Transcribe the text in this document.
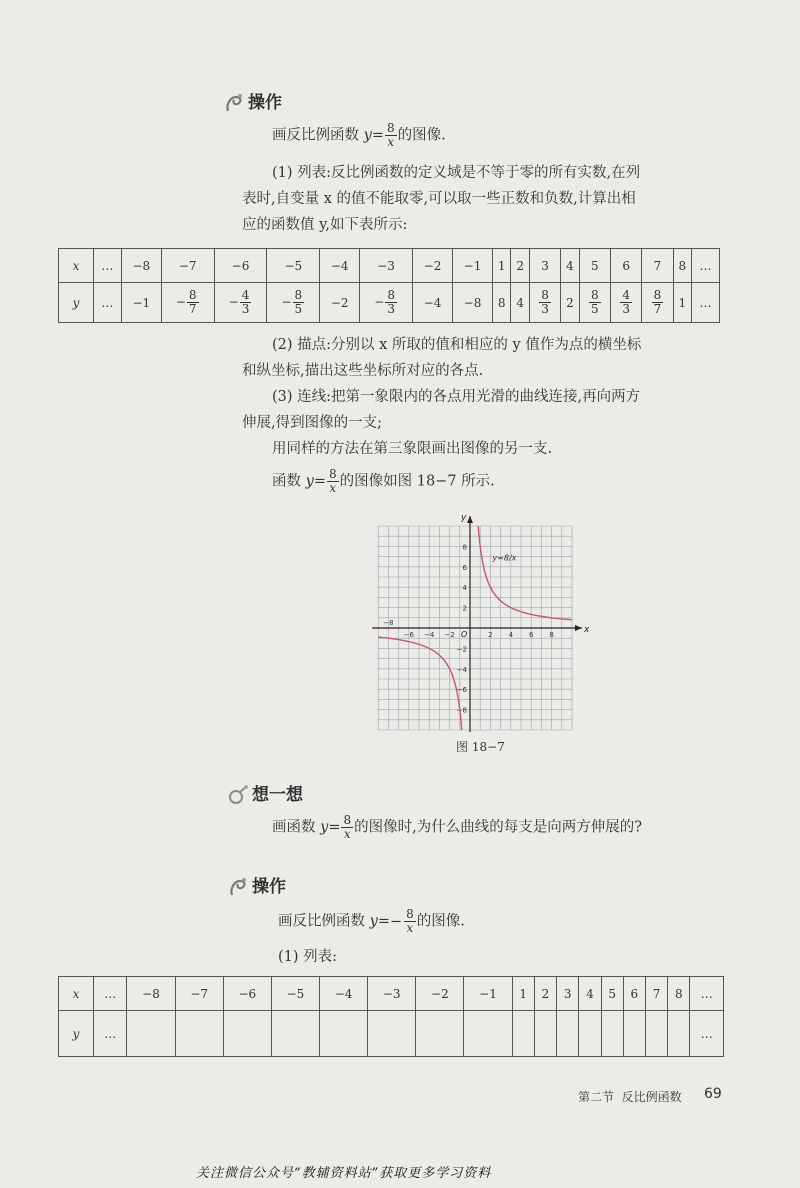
操作
画反比例函数 $y= \frac{8}{x}$ 的图像.
(1) 列表:反比例函数的定义域是不等于零的所有实数,在列
表时,自变量 x 的值不能取零,可以取一些正数和负数,计算出相
应的函数值 y,如下表所示:
x	…	−8	−7	−6	−5	−4	−3	−2	−1	1	2	3	4	5	6	7	8	…
y	…	−1	− $\frac{8}{7}$	− $\frac{4}{3}$	− $\frac{8}{5}$	−2	− $\frac{8}{3}$	−4	−8	8	4	$\frac{8}{3}$	2	$\frac{8}{5}$	$\frac{4}{3}$	$\frac{8}{7}$	1	…
(2) 描点:分别以 x 所取的值和相应的 y 值作为点的横坐标
和纵坐标,描出这些坐标所对应的各点.
(3) 连线:把第一象限内的各点用光滑的曲线连接,再向两方
伸展,得到图像的一支;
用同样的方法在第三象限画出图像的另一支.
函数 $y= \frac{8}{x}$ 的图像如图 18−7 所示.
x
y
O
−8
−6 −4 −2	2 4 6 8
8
6
4
2
−2
−4
−6
−8
y=8/x
图 18−7
想一想
画函数 $y= \frac{8}{x}$ 的图像时,为什么曲线的每支是向两方伸展的?
操作
画反比例函数 $y=- \frac{8}{x}$ 的图像.
(1) 列表:
x	…	−8	−7	−6	−5	−4	−3	−2	−1	1	2	3	4	5	6	7	8	…
y	…																	…
第二节 反比例函数 69
关注微信公众号“教辅资料站”获取更多学习资料
